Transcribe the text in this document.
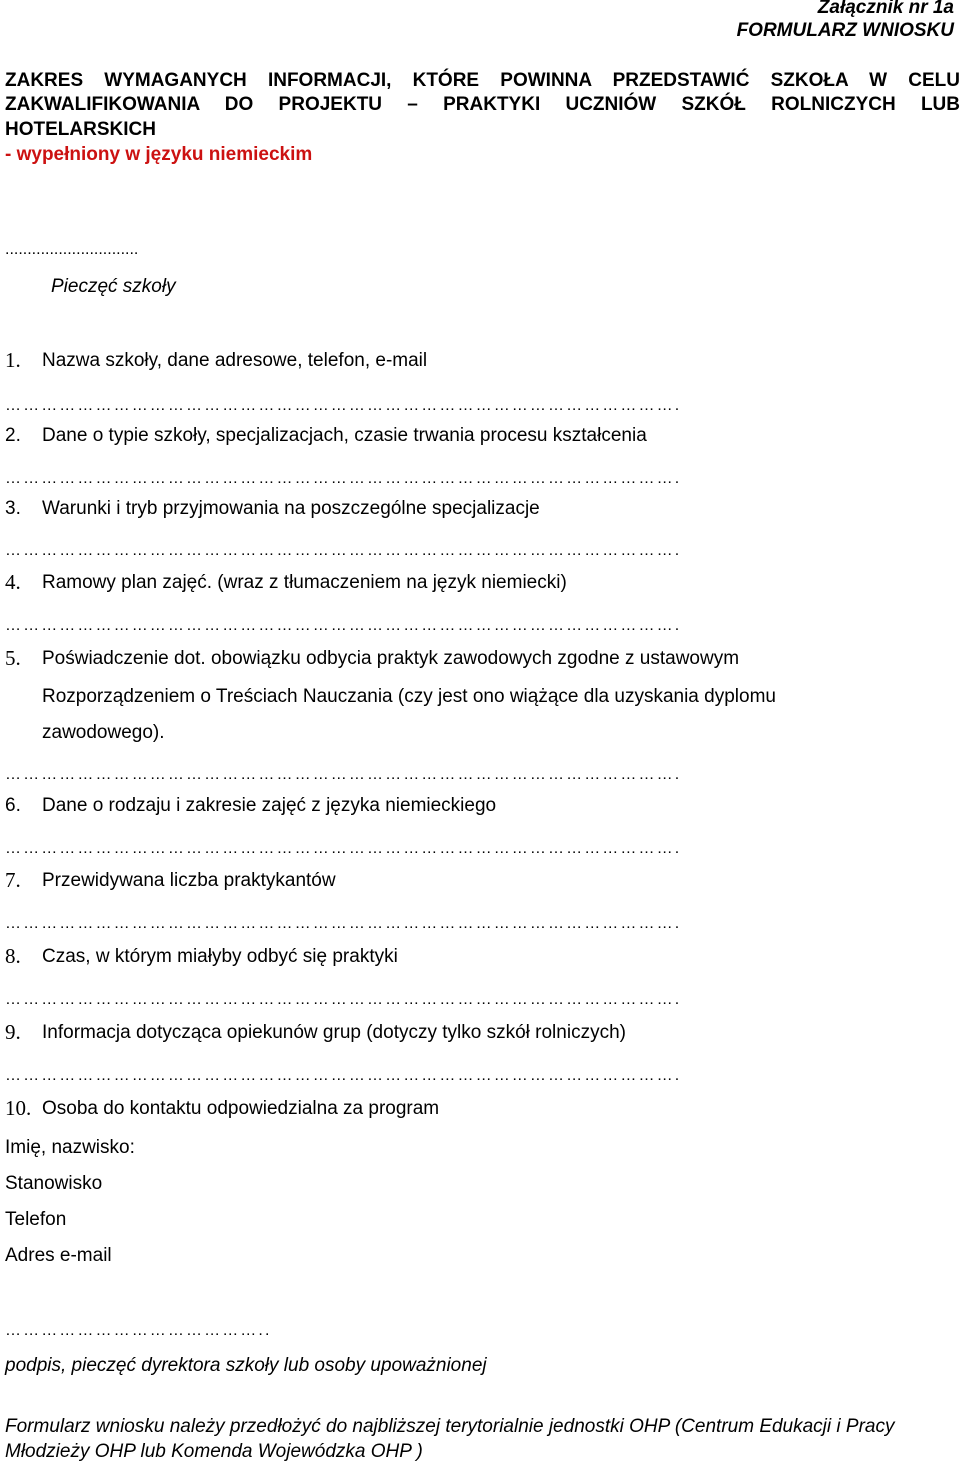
Załącznik nr 1a
FORMULARZ WNIOSKU
ZAKRES WYMAGANYCH INFORMACJI, KTÓRE POWINNA PRZEDSTAWIĆ SZKOŁA W CELU
ZAKWALIFIKOWANIA DO PROJEKTU – PRAKTYKI UCZNIÓW SZKÓŁ ROLNICZYCH LUB
HOTELARSKICH
- wypełniony w języku niemieckim
..............................
Pieczęć szkoły
1. Nazwa szkoły, dane adresowe, telefon, e-mail
………………………………………………………………………………………………….
2. Dane o typie szkoły, specjalizacjach, czasie trwania procesu kształcenia
………………………………………………………………………………………………….
3. Warunki i tryb przyjmowania na poszczególne specjalizacje
………………………………………………………………………………………………….
4. Ramowy plan zajęć. (wraz z tłumaczeniem na język niemiecki)
………………………………………………………………………………………………….
5. Poświadczenie dot. obowiązku odbycia praktyk zawodowych zgodne z ustawowym
Rozporządzeniem o Treściach Nauczania (czy jest ono wiążące dla uzyskania dyplomu
zawodowego).
………………………………………………………………………………………………….
6. Dane o rodzaju i zakresie zajęć z języka niemieckiego
………………………………………………………………………………………………….
7. Przewidywana liczba praktykantów
………………………………………………………………………………………………….
8. Czas, w którym miałyby odbyć się praktyki
………………………………………………………………………………………………….
9. Informacja dotycząca opiekunów grup (dotyczy tylko szkół rolniczych)
………………………………………………………………………………………………….
10. Osoba do kontaktu odpowiedzialna za program
Imię, nazwisko:
Stanowisko
Telefon
Adres e-mail
……………………………………..
podpis, pieczęć dyrektora szkoły lub osoby upoważnionej
Formularz wniosku należy przedłożyć do najbliższej terytorialnie jednostki OHP (Centrum Edukacji i Pracy Młodzieży OHP lub Komenda Wojewódzka OHP )
